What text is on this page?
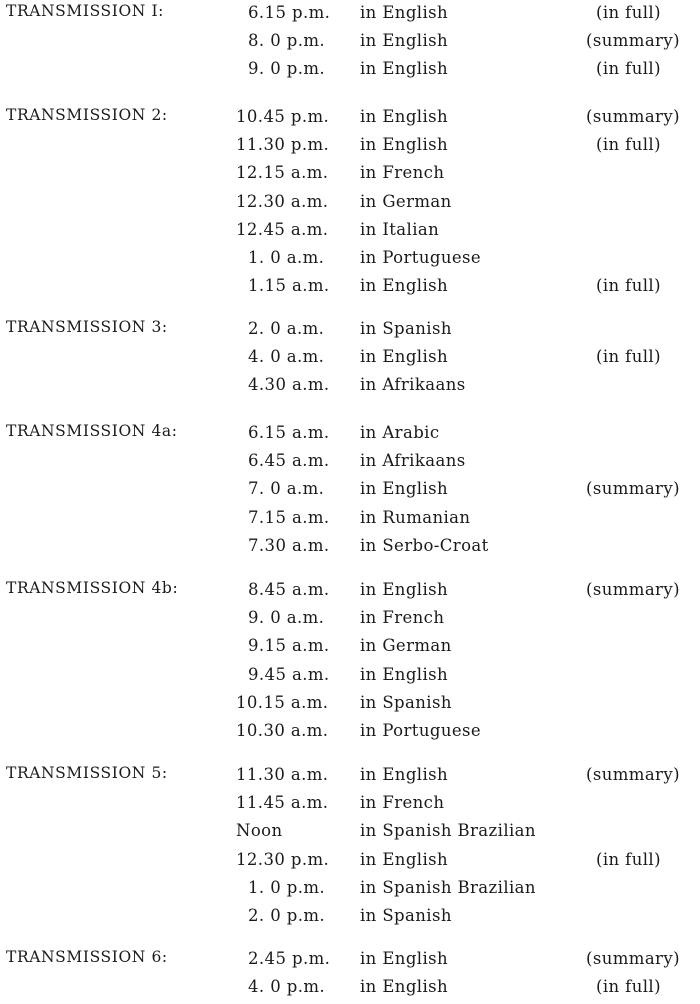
TRANSMISSION I:	6.15 p.m.	in English	(in full)
8. 0 p.m.	in English	(summary)
9. 0 p.m.	in English	(in full)
TRANSMISSION 2:	10.45 p.m.	in English	(summary)
11.30 p.m.	in English	(in full)
12.15 a.m.	in French
12.30 a.m.	in German
12.45 a.m.	in Italian
1. 0 a.m.	in Portuguese
1.15 a.m.	in English	(in full)
TRANSMISSION 3:	2. 0 a.m.	in Spanish
4. 0 a.m.	in English	(in full)
4.30 a.m.	in Afrikaans
TRANSMISSION 4a:	6.15 a.m.	in Arabic
6.45 a.m.	in Afrikaans
7. 0 a.m.	in English	(summary)
7.15 a.m.	in Rumanian
7.30 a.m.	in Serbo-Croat
TRANSMISSION 4b:	8.45 a.m.	in English	(summary)
9. 0 a.m.	in French
9.15 a.m.	in German
9.45 a.m.	in English
10.15 a.m.	in Spanish
10.30 a.m.	in Portuguese
TRANSMISSION 5:	11.30 a.m.	in English	(summary)
11.45 a.m.	in French
Noon	in Spanish Brazilian
12.30 p.m.	in English	(in full)
1. 0 p.m.	in Spanish Brazilian
2. 0 p.m.	in Spanish
TRANSMISSION 6:	2.45 p.m.	in English	(summary)
4. 0 p.m.	in English	(in full)
